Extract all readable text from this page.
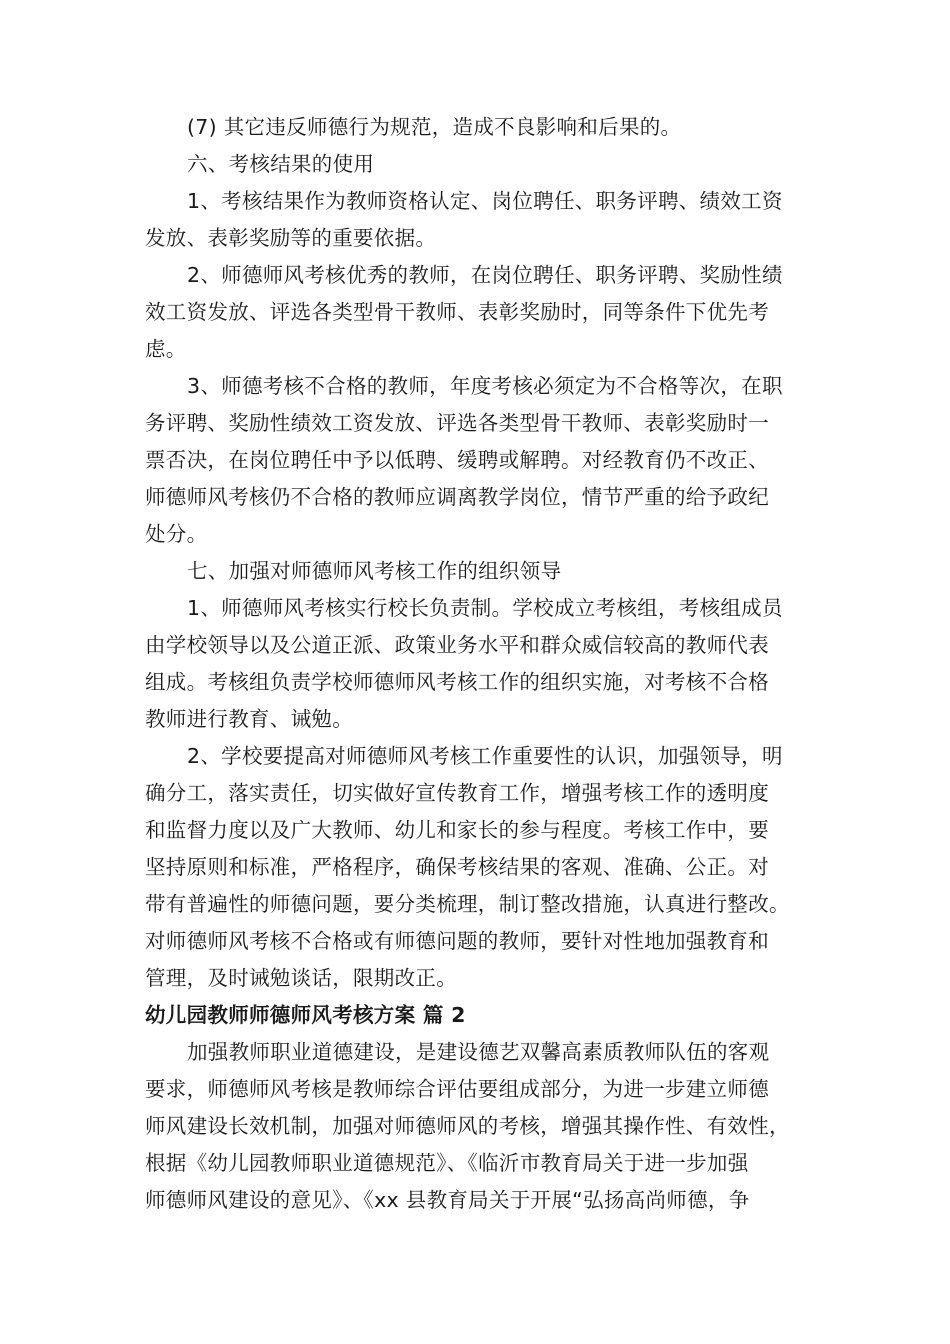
(7) 其它违反师德行为规范，造成不良影响和后果的。
六、考核结果的使用
1、考核结果作为教师资格认定、岗位聘任、职务评聘、绩效工资
发放、表彰奖励等的重要依据。
2、师德师风考核优秀的教师，在岗位聘任、职务评聘、奖励性绩
效工资发放、评选各类型骨干教师、表彰奖励时，同等条件下优先考
虑。
3、师德考核不合格的教师，年度考核必须定为不合格等次，在职
务评聘、奖励性绩效工资发放、评选各类型骨干教师、表彰奖励时一
票否决，在岗位聘任中予以低聘、缓聘或解聘。对经教育仍不改正、
师德师风考核仍不合格的教师应调离教学岗位，情节严重的给予政纪
处分。
七、加强对师德师风考核工作的组织领导
1、师德师风考核实行校长负责制。学校成立考核组，考核组成员
由学校领导以及公道正派、政策业务水平和群众威信较高的教师代表
组成。考核组负责学校师德师风考核工作的组织实施，对考核不合格
教师进行教育、诫勉。
2、学校要提高对师德师风考核工作重要性的认识，加强领导，明
确分工，落实责任，切实做好宣传教育工作，增强考核工作的透明度
和监督力度以及广大教师、幼儿和家长的参与程度。考核工作中，要
坚持原则和标准，严格程序，确保考核结果的客观、准确、公正。对
带有普遍性的师德问题，要分类梳理，制订整改措施，认真进行整改。
对师德师风考核不合格或有师德问题的教师，要针对性地加强教育和
管理，及时诫勉谈话，限期改正。
幼儿园教师师德师风考核方案 篇 2
加强教师职业道德建设，是建设德艺双馨高素质教师队伍的客观
要求，师德师风考核是教师综合评估要组成部分，为进一步建立师德
师风建设长效机制，加强对师德师风的考核，增强其操作性、有效性，
根据《幼儿园教师职业道德规范》、《临沂市教育局关于进一步加强
师德师风建设的意见》、《xx 县教育局关于开展“弘扬高尚师德，争
